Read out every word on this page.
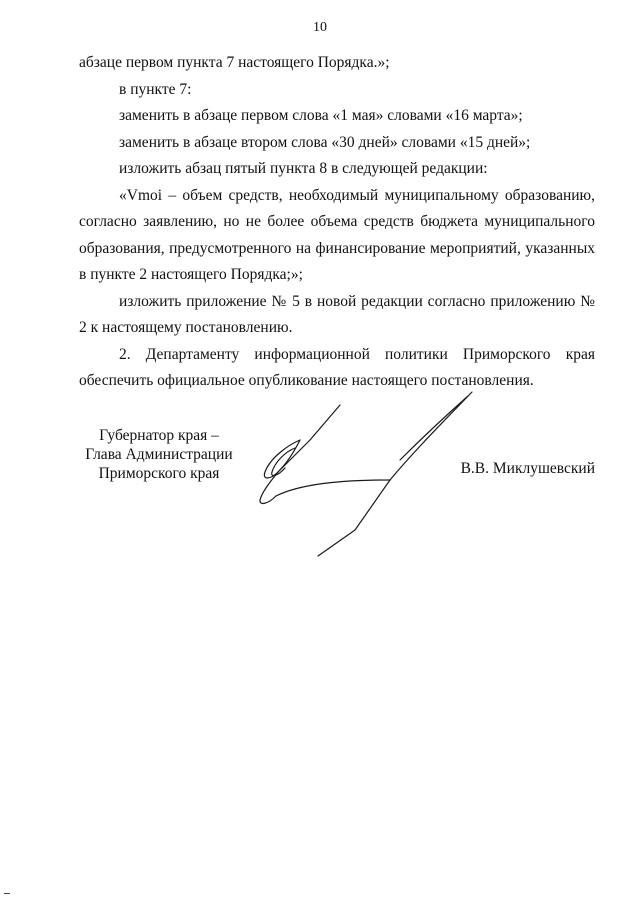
10

абзаце первом пункта 7 настоящего Порядка.»;

в пункте 7:

заменить в абзаце первом слова «1 мая» словами «16 марта»;

заменить в абзаце втором слова «30 дней» словами «15 дней»;

изложить абзац пятый пункта 8 в следующей редакции:

«Vmoi – объем средств, необходимый муниципальному образованию, согласно заявлению, но не более объема средств бюджета муниципального образования, предусмотренного на финансирование мероприятий, указанных в пункте 2 настоящего Порядка;»;

изложить приложение № 5 в новой редакции согласно приложению № 2 к настоящему постановлению.

2. Департаменту информационной политики Приморского края обеспечить официальное опубликование настоящего постановления.

Губернатор края –
Глава Администрации
Приморского края	В.В. Миклушевский
